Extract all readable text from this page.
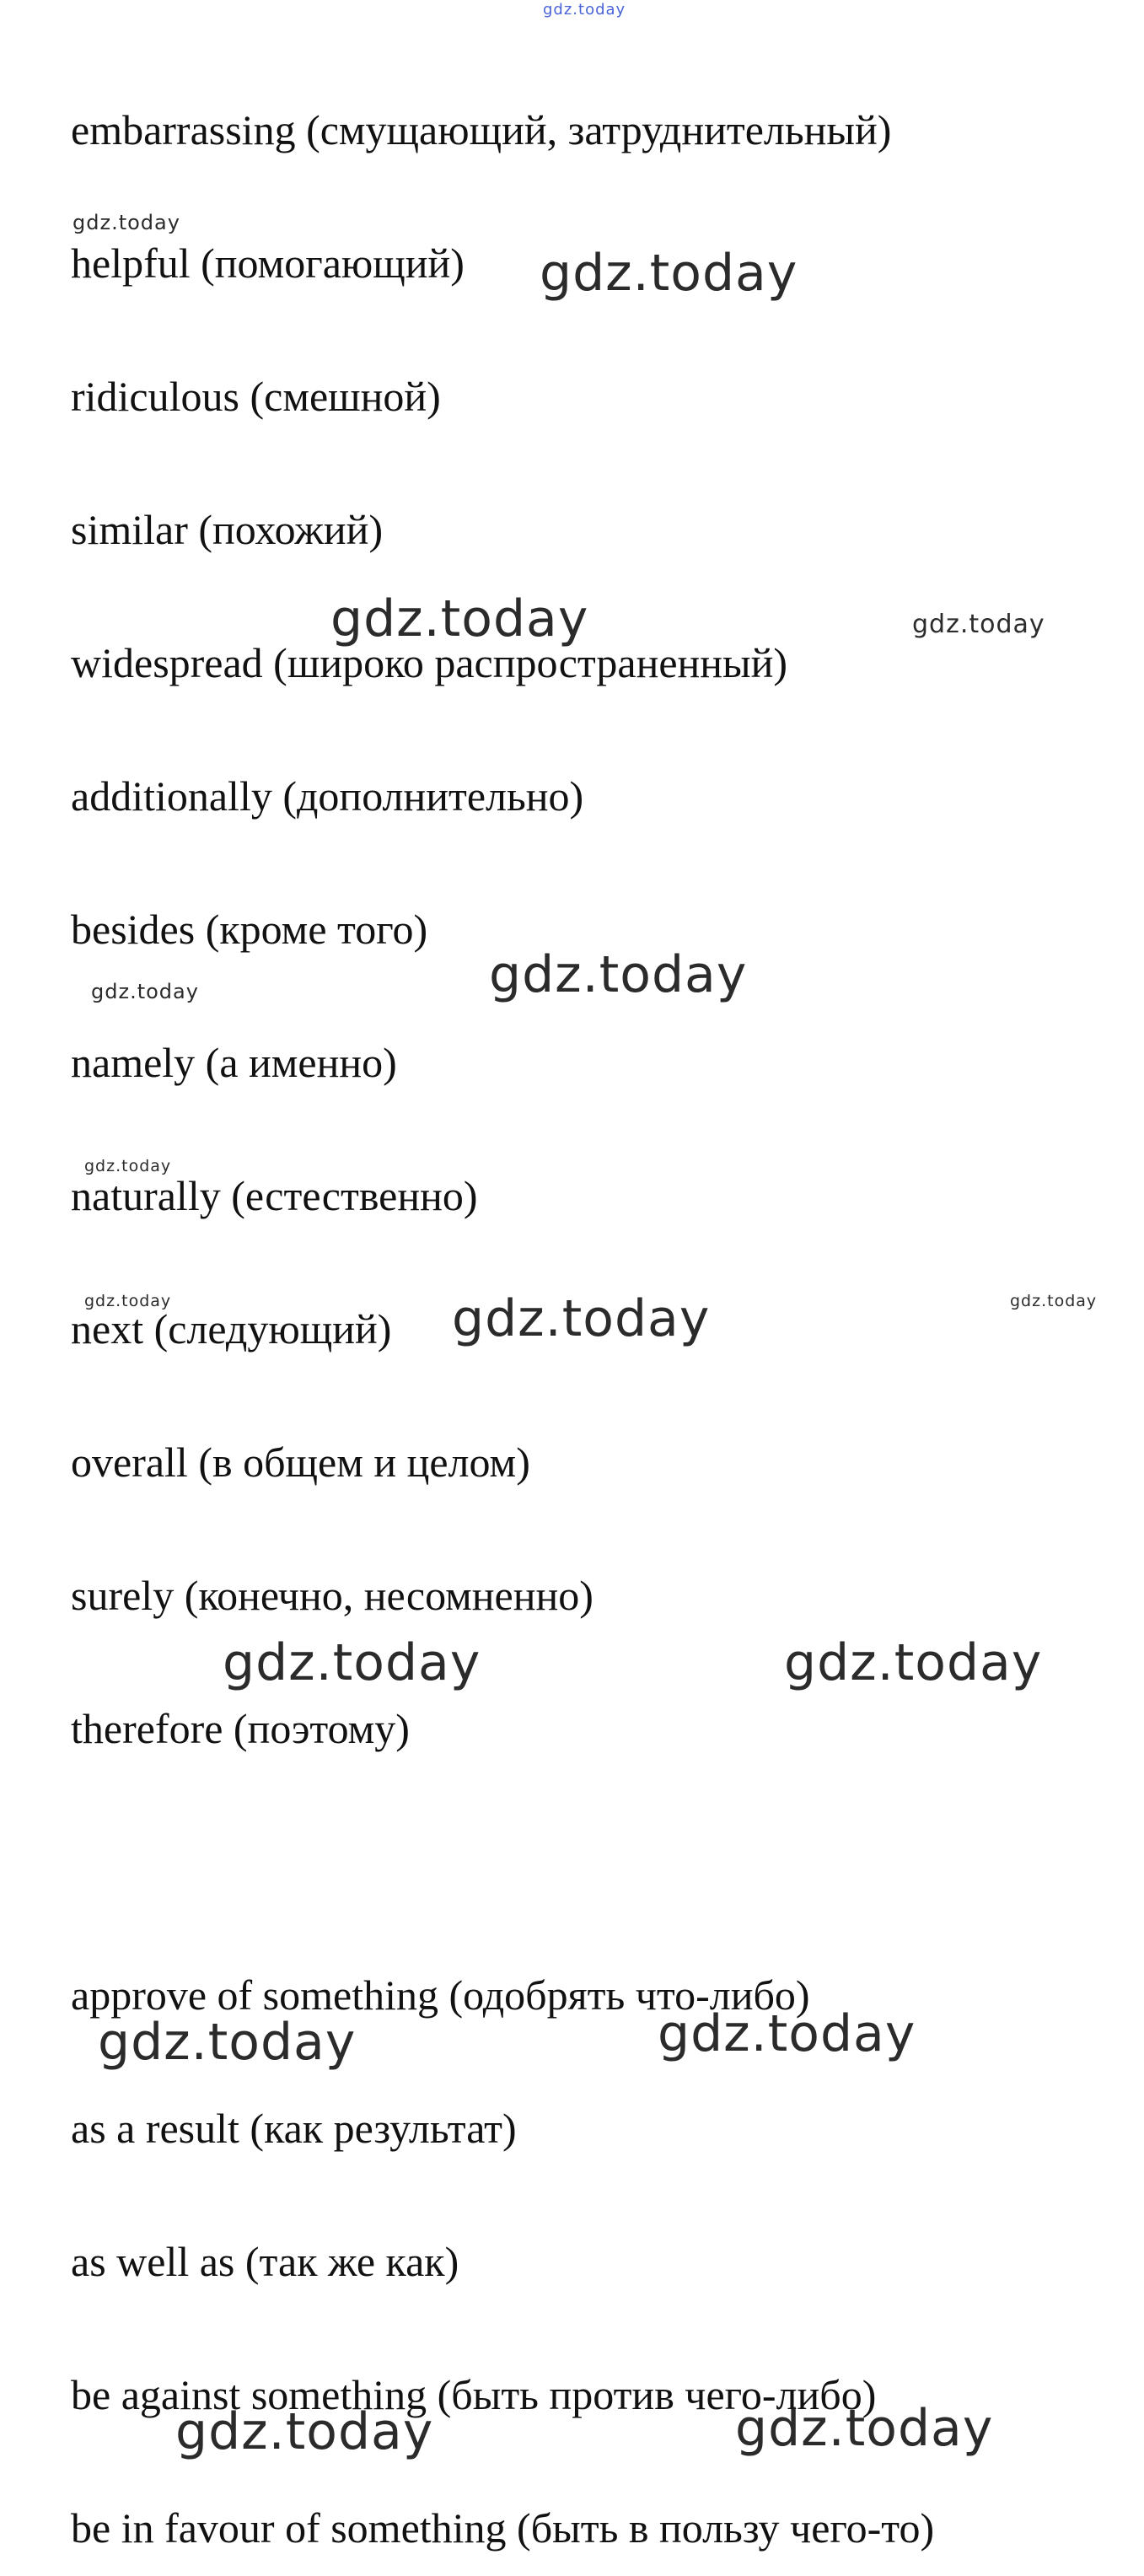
gdz.today
gdz.today
gdz.today
gdz.today	gdz.today
gdz.today
gdz.today
gdz.today
gdz.today	gdz.today	gdz.today
gdz.today	gdz.today
gdz.today	gdz.today
gdz.today	gdz.today

embarrassing (смущающий, затруднительный)

helpful (помогающий)

ridiculous (смешной)

similar (похожий)

widespread (широко распространенный)

additionally (дополнительно)

besides (кроме того)

namely (а именно)

naturally (естественно)

next (следующий)

overall (в общем и целом)

surely (конечно, несомненно)

therefore (поэтому)

approve of something (одобрять что-либо)

as a result (как результат)

as well as (так же как)

be against something (быть против чего-либо)

be in favour of something (быть в пользу чего-то)
